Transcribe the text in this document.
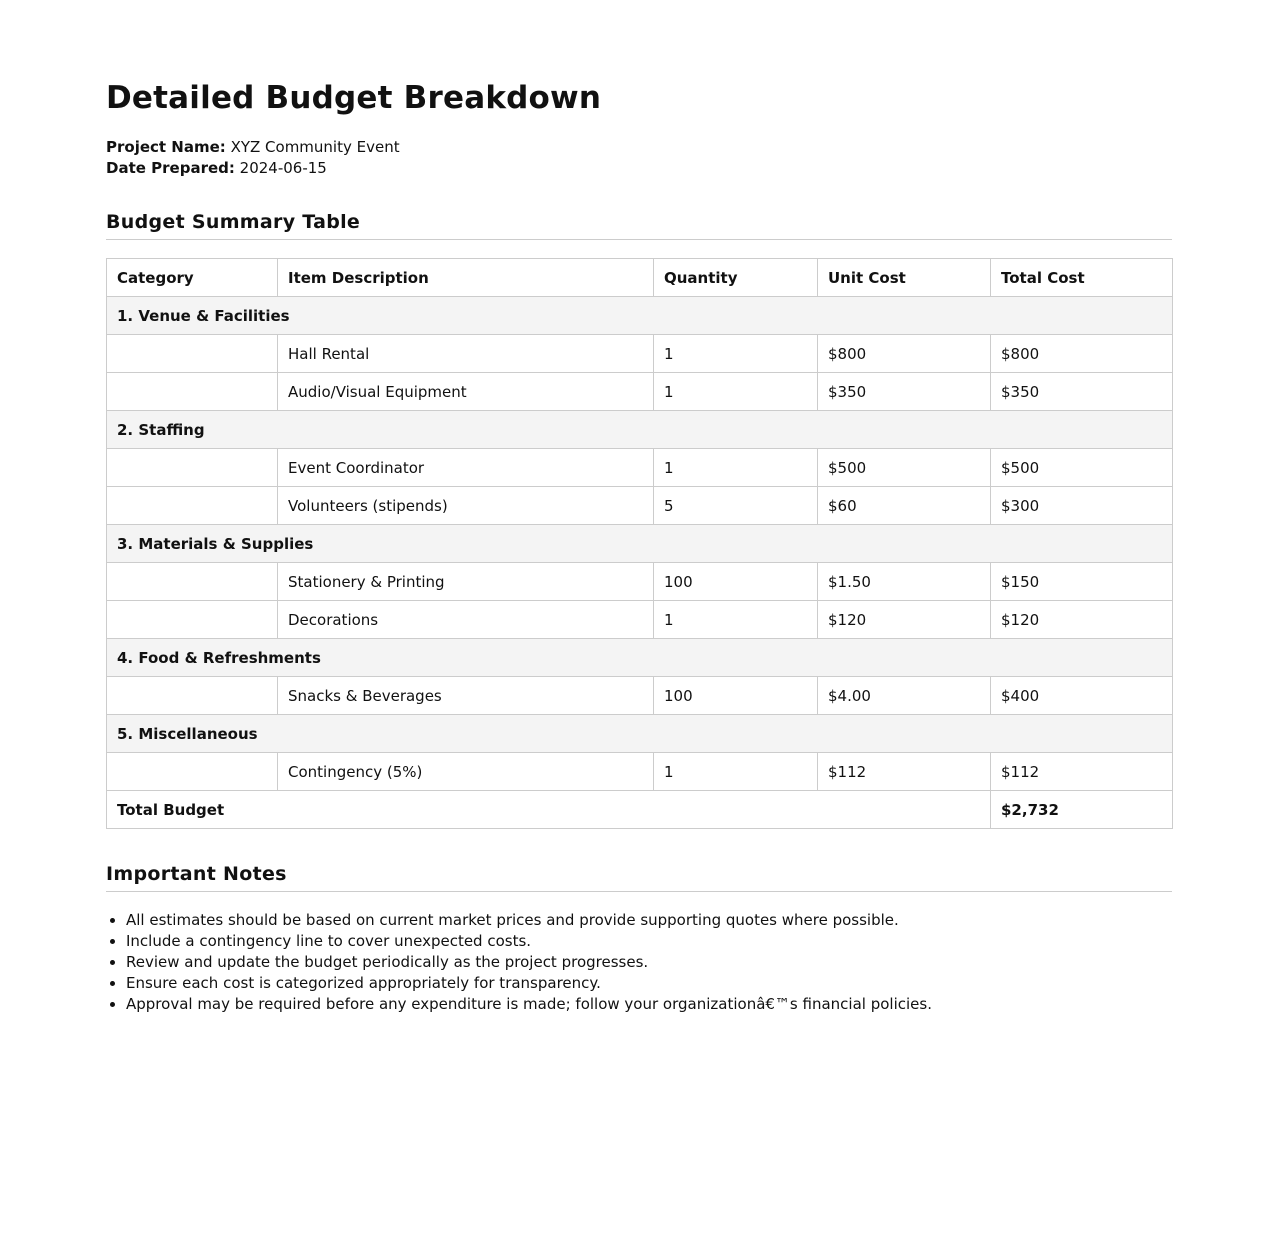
Detailed Budget Breakdown
Project Name: XYZ Community Event
Date Prepared: 2024-06-15
Budget Summary Table
Category	Item Description	Quantity	Unit Cost	Total Cost
1. Venue & Facilities				
	Hall Rental	1	$800	$800
	Audio/Visual Equipment	1	$350	$350
2. Staffing				
	Event Coordinator	1	$500	$500
	Volunteers (stipends)	5	$60	$300
3. Materials & Supplies				
	Stationery & Printing	100	$1.50	$150
	Decorations	1	$120	$120
4. Food & Refreshments				
	Snacks & Beverages	100	$4.00	$400
5. Miscellaneous				
	Contingency (5%)	1	$112	$112
Total Budget				$2,732
Important Notes
• All estimates should be based on current market prices and provide supporting quotes where possible.
• Include a contingency line to cover unexpected costs.
• Review and update the budget periodically as the project progresses.
• Ensure each cost is categorized appropriately for transparency.
• Approval may be required before any expenditure is made; follow your organizationâ€™s financial policies.
